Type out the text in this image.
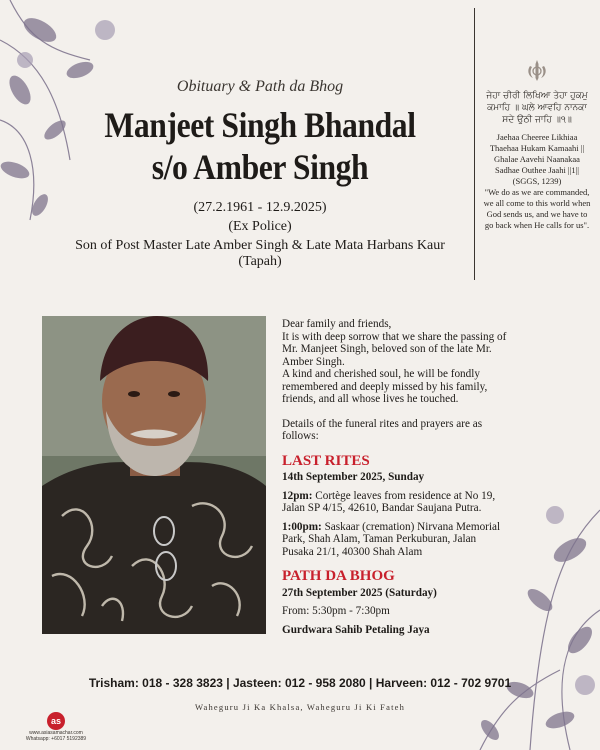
Obituary & Path da Bhog
Manjeet Singh Bhandal
s/o Amber Singh
(27.2.1961 - 12.9.2025)
(Ex Police)
Son of Post Master Late Amber Singh & Late Mata Harbans Kaur (Tapah)
ਜੇਹਾ ਚੀਰੀ ਲਿਖਿਆ ਤੇਹਾ ਹੁਕਮੁ ਕਮਾਹਿ ॥ ਘਲੇ ਆਵਹਿ ਨਾਨਕਾ ਸਦੇ ਉਠੀ ਜਾਹਿ ॥੧॥
Jaehaa Cheeree Likhiaa Thaehaa Hukam Kamaahi || Ghalae Aavehi Naanakaa Sadhae Outhee Jaahi ||1||
(SGGS, 1239)
"We do as we are commanded, we all come to this world when God sends us, and we have to go back when He calls for us".
Dear family and friends,
It is with deep sorrow that we share the passing of Mr. Manjeet Singh, beloved son of the late Mr. Amber Singh.
A kind and cherished soul, he will be fondly remembered and deeply missed by his family, friends, and all whose lives he touched.
Details of the funeral rites and prayers are as follows:
LAST RITES
14th September 2025, Sunday
12pm: Cortège leaves from residence at No 19, Jalan SP 4/15, 42610, Bandar Saujana Putra.
1:00pm: Saskaar (cremation) Nirvana Memorial Park, Shah Alam, Taman Perkuburan, Jalan Pusaka 21/1, 40300 Shah Alam
PATH DA BHOG
27th September 2025 (Saturday)
From: 5:30pm - 7:30pm
Gurdwara Sahib Petaling Jaya
Trisham: 018 - 328 3823 | Jasteen: 012 - 958 2080 | Harveen: 012 - 702 9701
Waheguru Ji Ka Khalsa, Waheguru Ji Ki Fateh
as
www.asiasamachar.com
Whatsapp: +6017 5192389
